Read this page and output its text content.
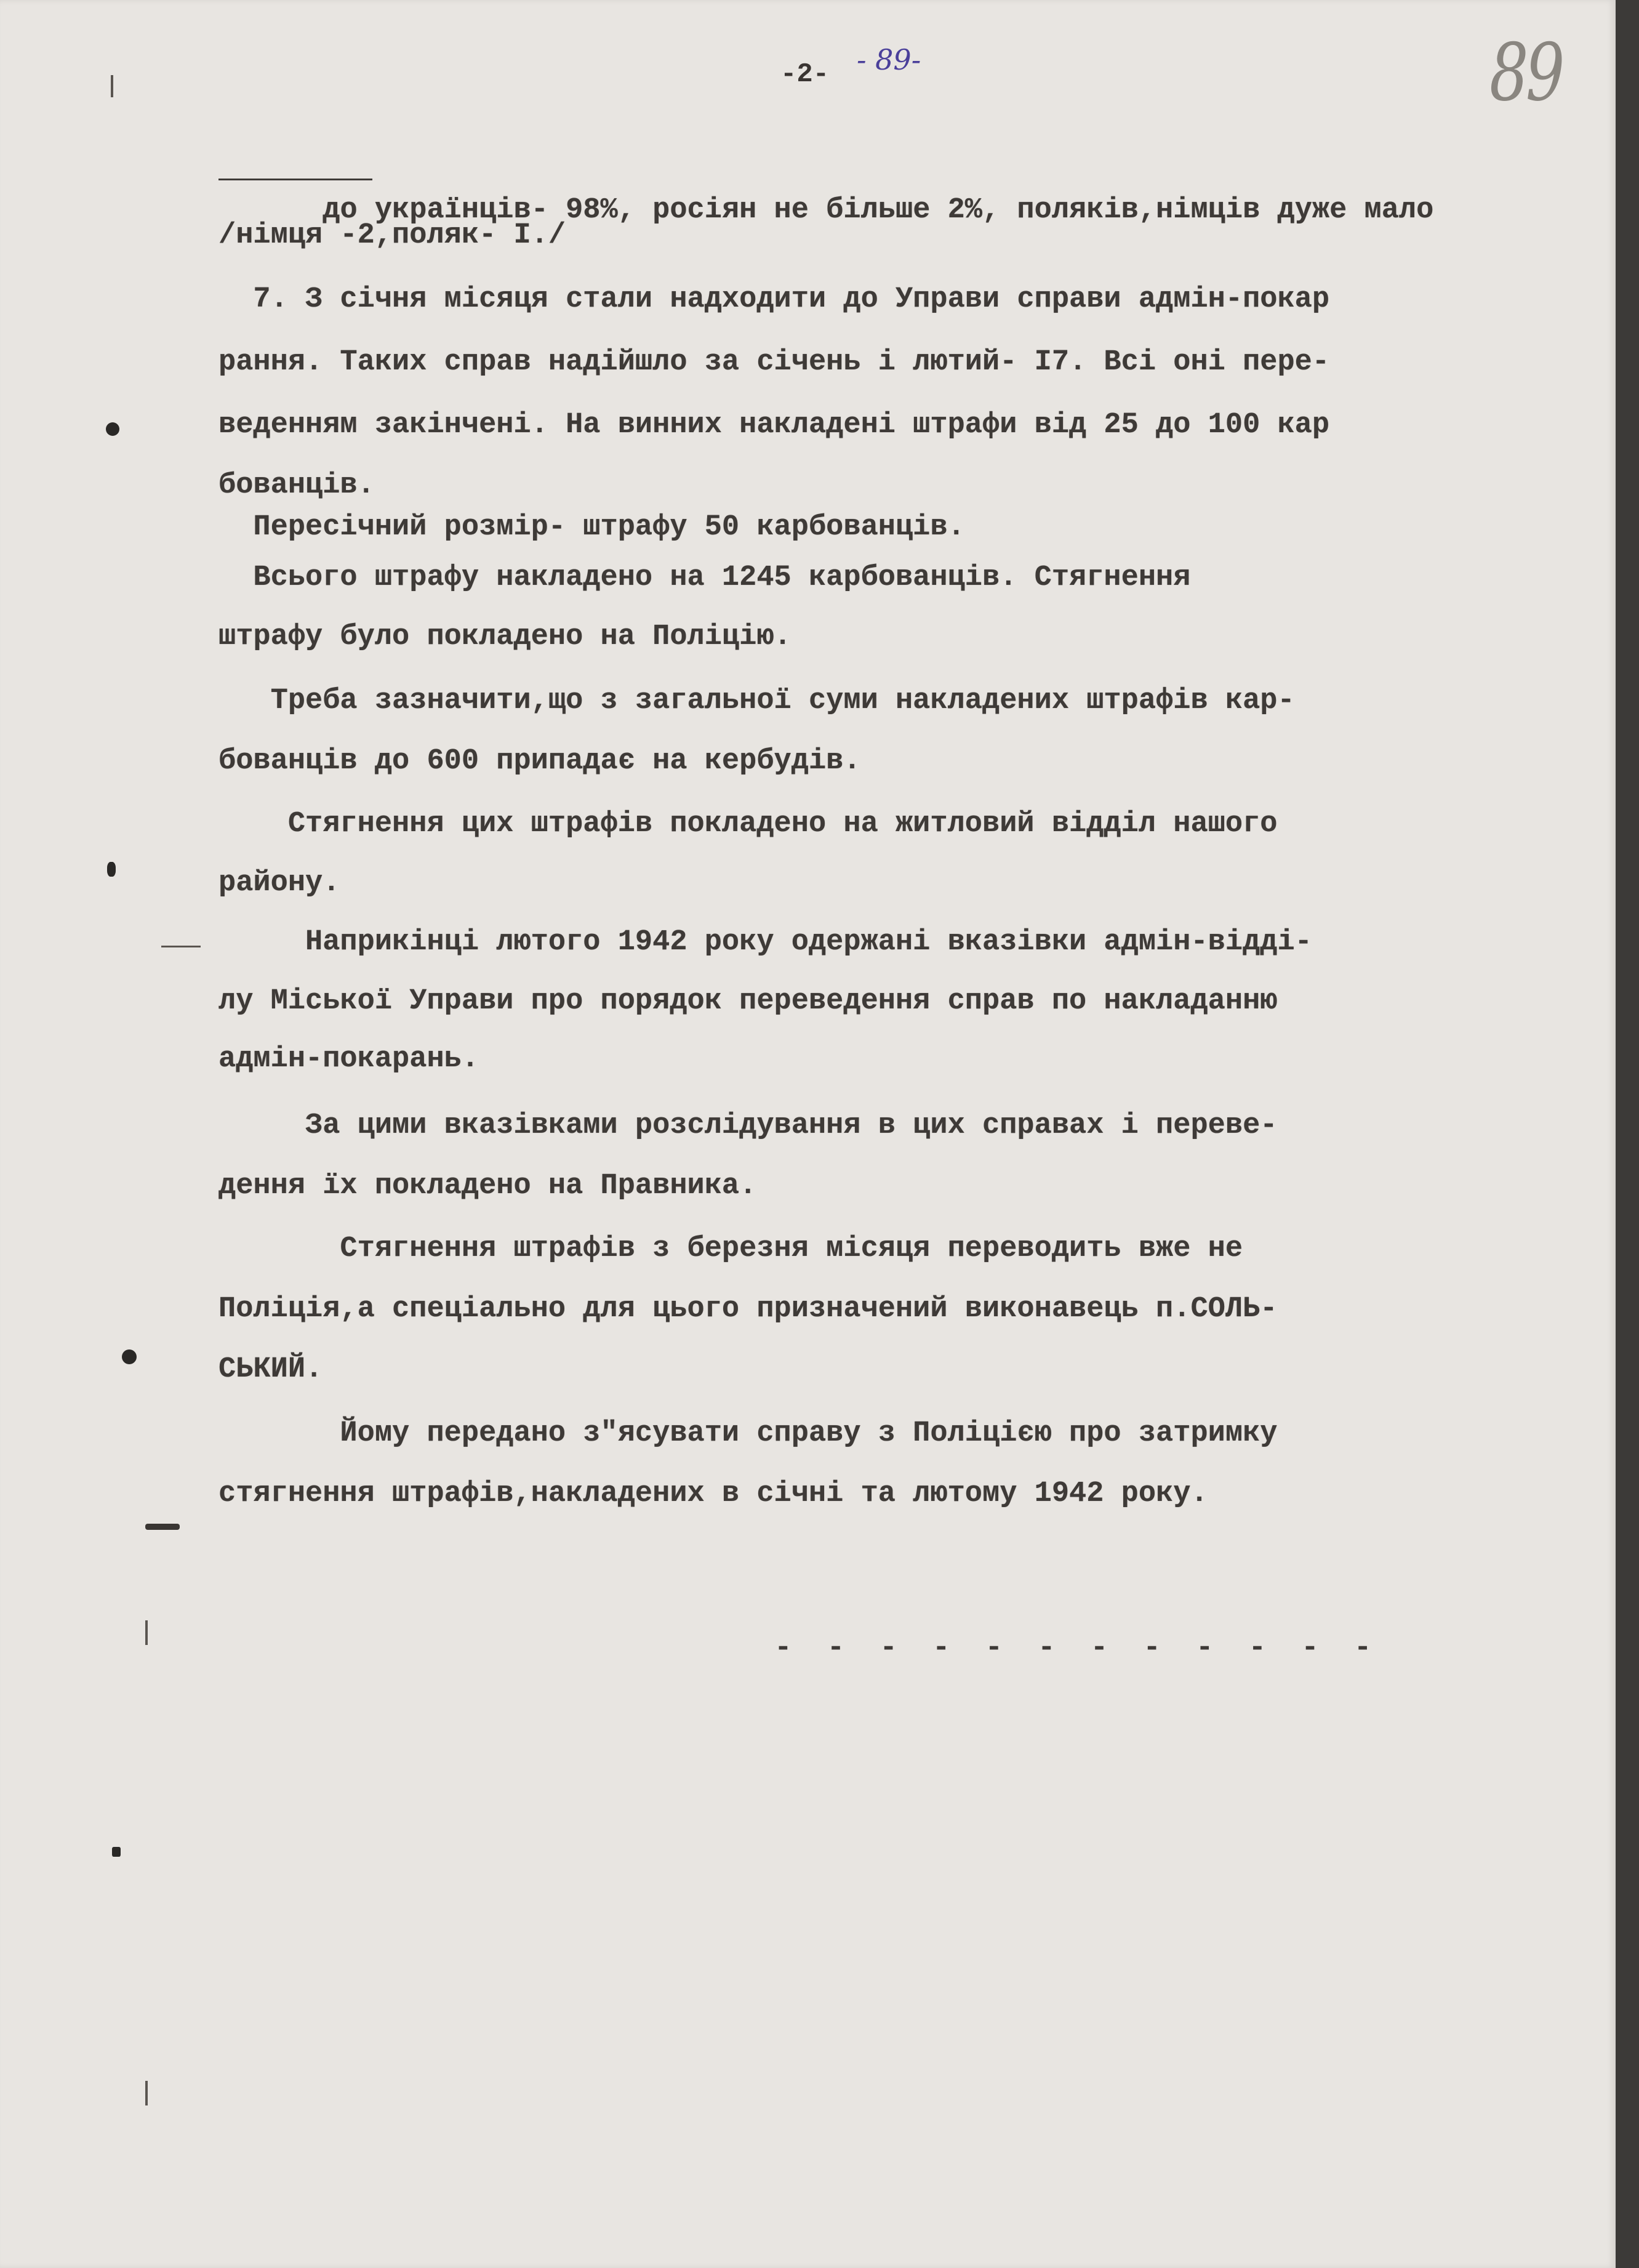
-2- - 89-	89

до українців- 98%, росіян не більше 2%, поляків,німців дуже мало

/німця -2,поляк- І./
7. З січня місяця стали надходити до Управи справи адмін-покар
рання. Таких справ надійшло за січень і лютий- І7. Всі оні пере-
веденням закінчені. На винних накладені штрафи від 25 до 100 кар
бованців.
Пересічний розмір- штрафу 50 карбованців.
Всього штрафу накладено на 1245 карбованців. Стягнення
штрафу було покладено на Поліцію.
Треба зазначити,що з загальної суми накладених штрафів кар-
бованців до 600 припадає на кербудів.
Стягнення цих штрафів покладено на житловий відділ нашого
району.
Наприкінці лютого 1942 року одержані вказівки адмін-відді-
лу Міської Управи про порядок переведення справ по накладанню
адмін-покарань.
За цими вказівками розслідування в цих справах і переве-
дення їх покладено на Правника.
Стягнення штрафів з березня місяця переводить вже не
Поліція,а спеціально для цього призначений виконавець п.СОЛЬ-
СЬКИЙ.
Йому передано з"ясувати справу з Поліцією про затримку
стягнення штрафів,накладених в січні та лютому 1942 року.
- - - - - - - - - - - -
